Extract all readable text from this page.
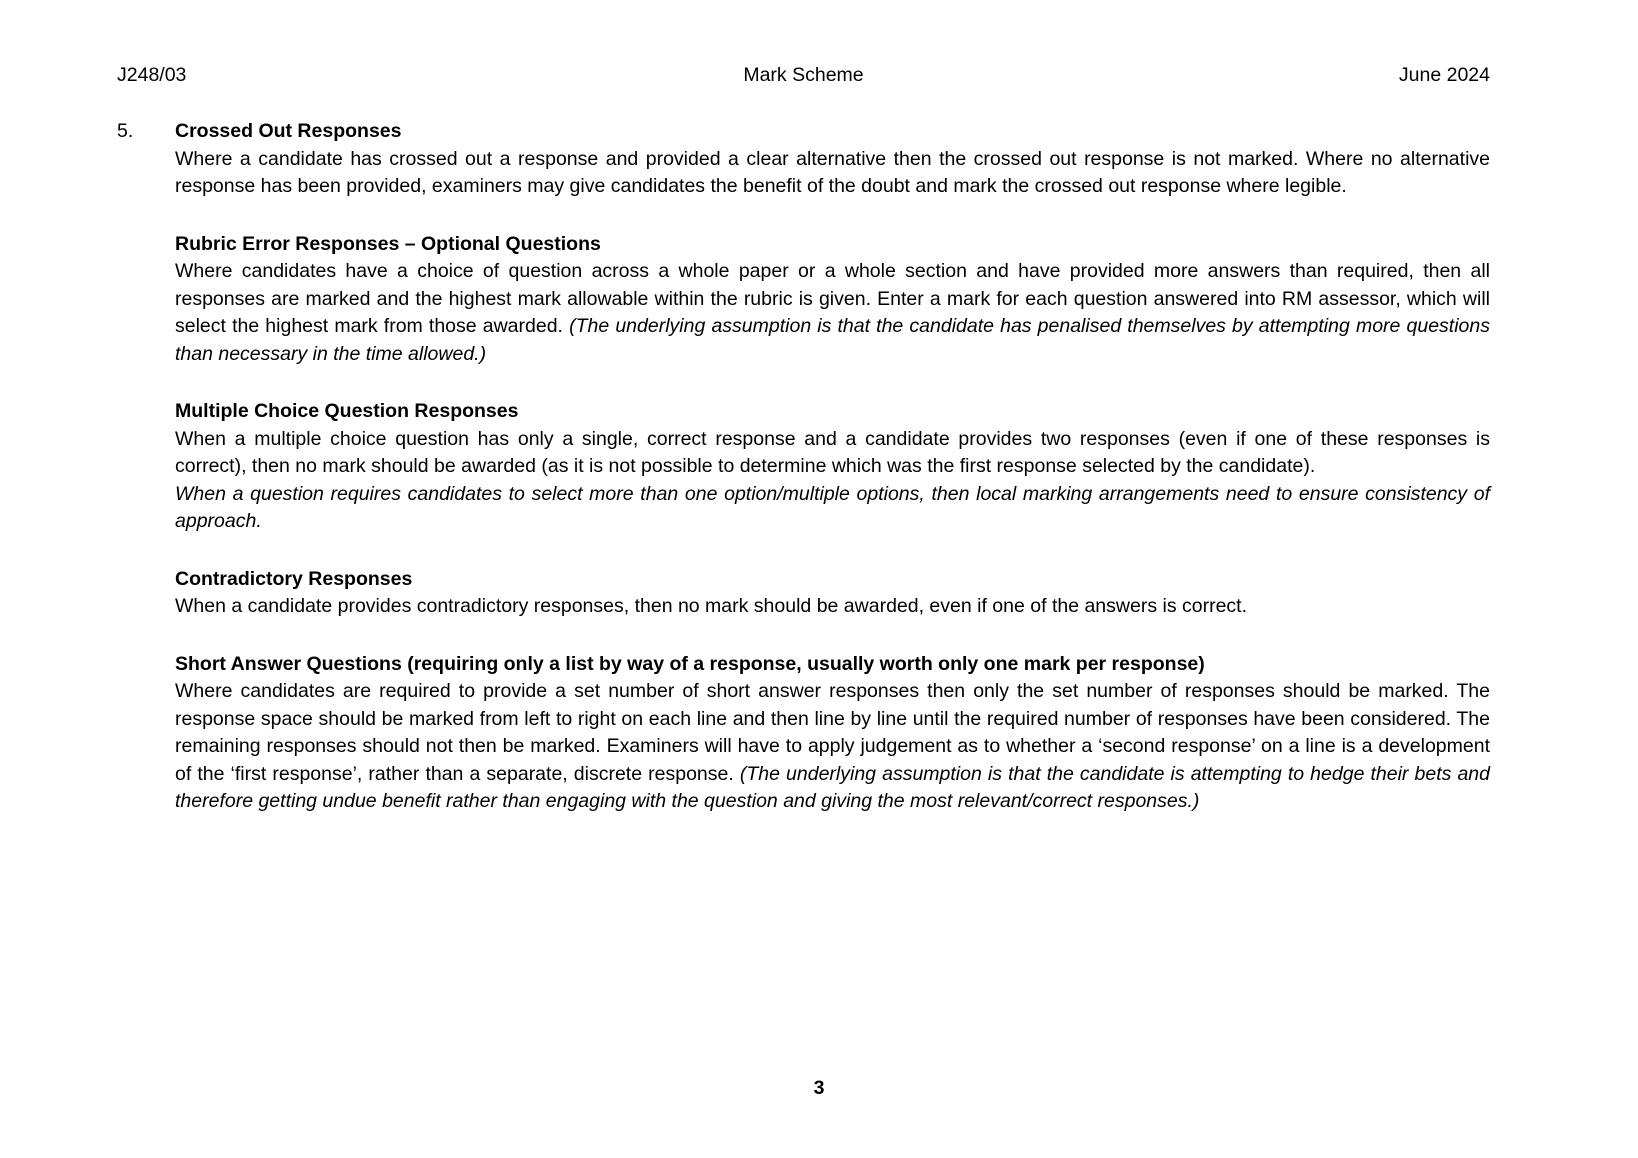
J248/03	Mark Scheme	June 2024
5. Crossed Out Responses

Where a candidate has crossed out a response and provided a clear alternative then the crossed out response is not marked. Where no alternative response has been provided, examiners may give candidates the benefit of the doubt and mark the crossed out response where legible.

Rubric Error Responses – Optional Questions

Where candidates have a choice of question across a whole paper or a whole section and have provided more answers than required, then all responses are marked and the highest mark allowable within the rubric is given. Enter a mark for each question answered into RM assessor, which will select the highest mark from those awarded. (The underlying assumption is that the candidate has penalised themselves by attempting more questions than necessary in the time allowed.)

Multiple Choice Question Responses

When a multiple choice question has only a single, correct response and a candidate provides two responses (even if one of these responses is correct), then no mark should be awarded (as it is not possible to determine which was the first response selected by the candidate).

When a question requires candidates to select more than one option/multiple options, then local marking arrangements need to ensure consistency of approach.

Contradictory Responses

When a candidate provides contradictory responses, then no mark should be awarded, even if one of the answers is correct.

Short Answer Questions (requiring only a list by way of a response, usually worth only one mark per response)

Where candidates are required to provide a set number of short answer responses then only the set number of responses should be marked. The response space should be marked from left to right on each line and then line by line until the required number of responses have been considered. The remaining responses should not then be marked. Examiners will have to apply judgement as to whether a ‘second response’ on a line is a development of the ‘first response’, rather than a separate, discrete response. (The underlying assumption is that the candidate is attempting to hedge their bets and therefore getting undue benefit rather than engaging with the question and giving the most relevant/correct responses.)

3
